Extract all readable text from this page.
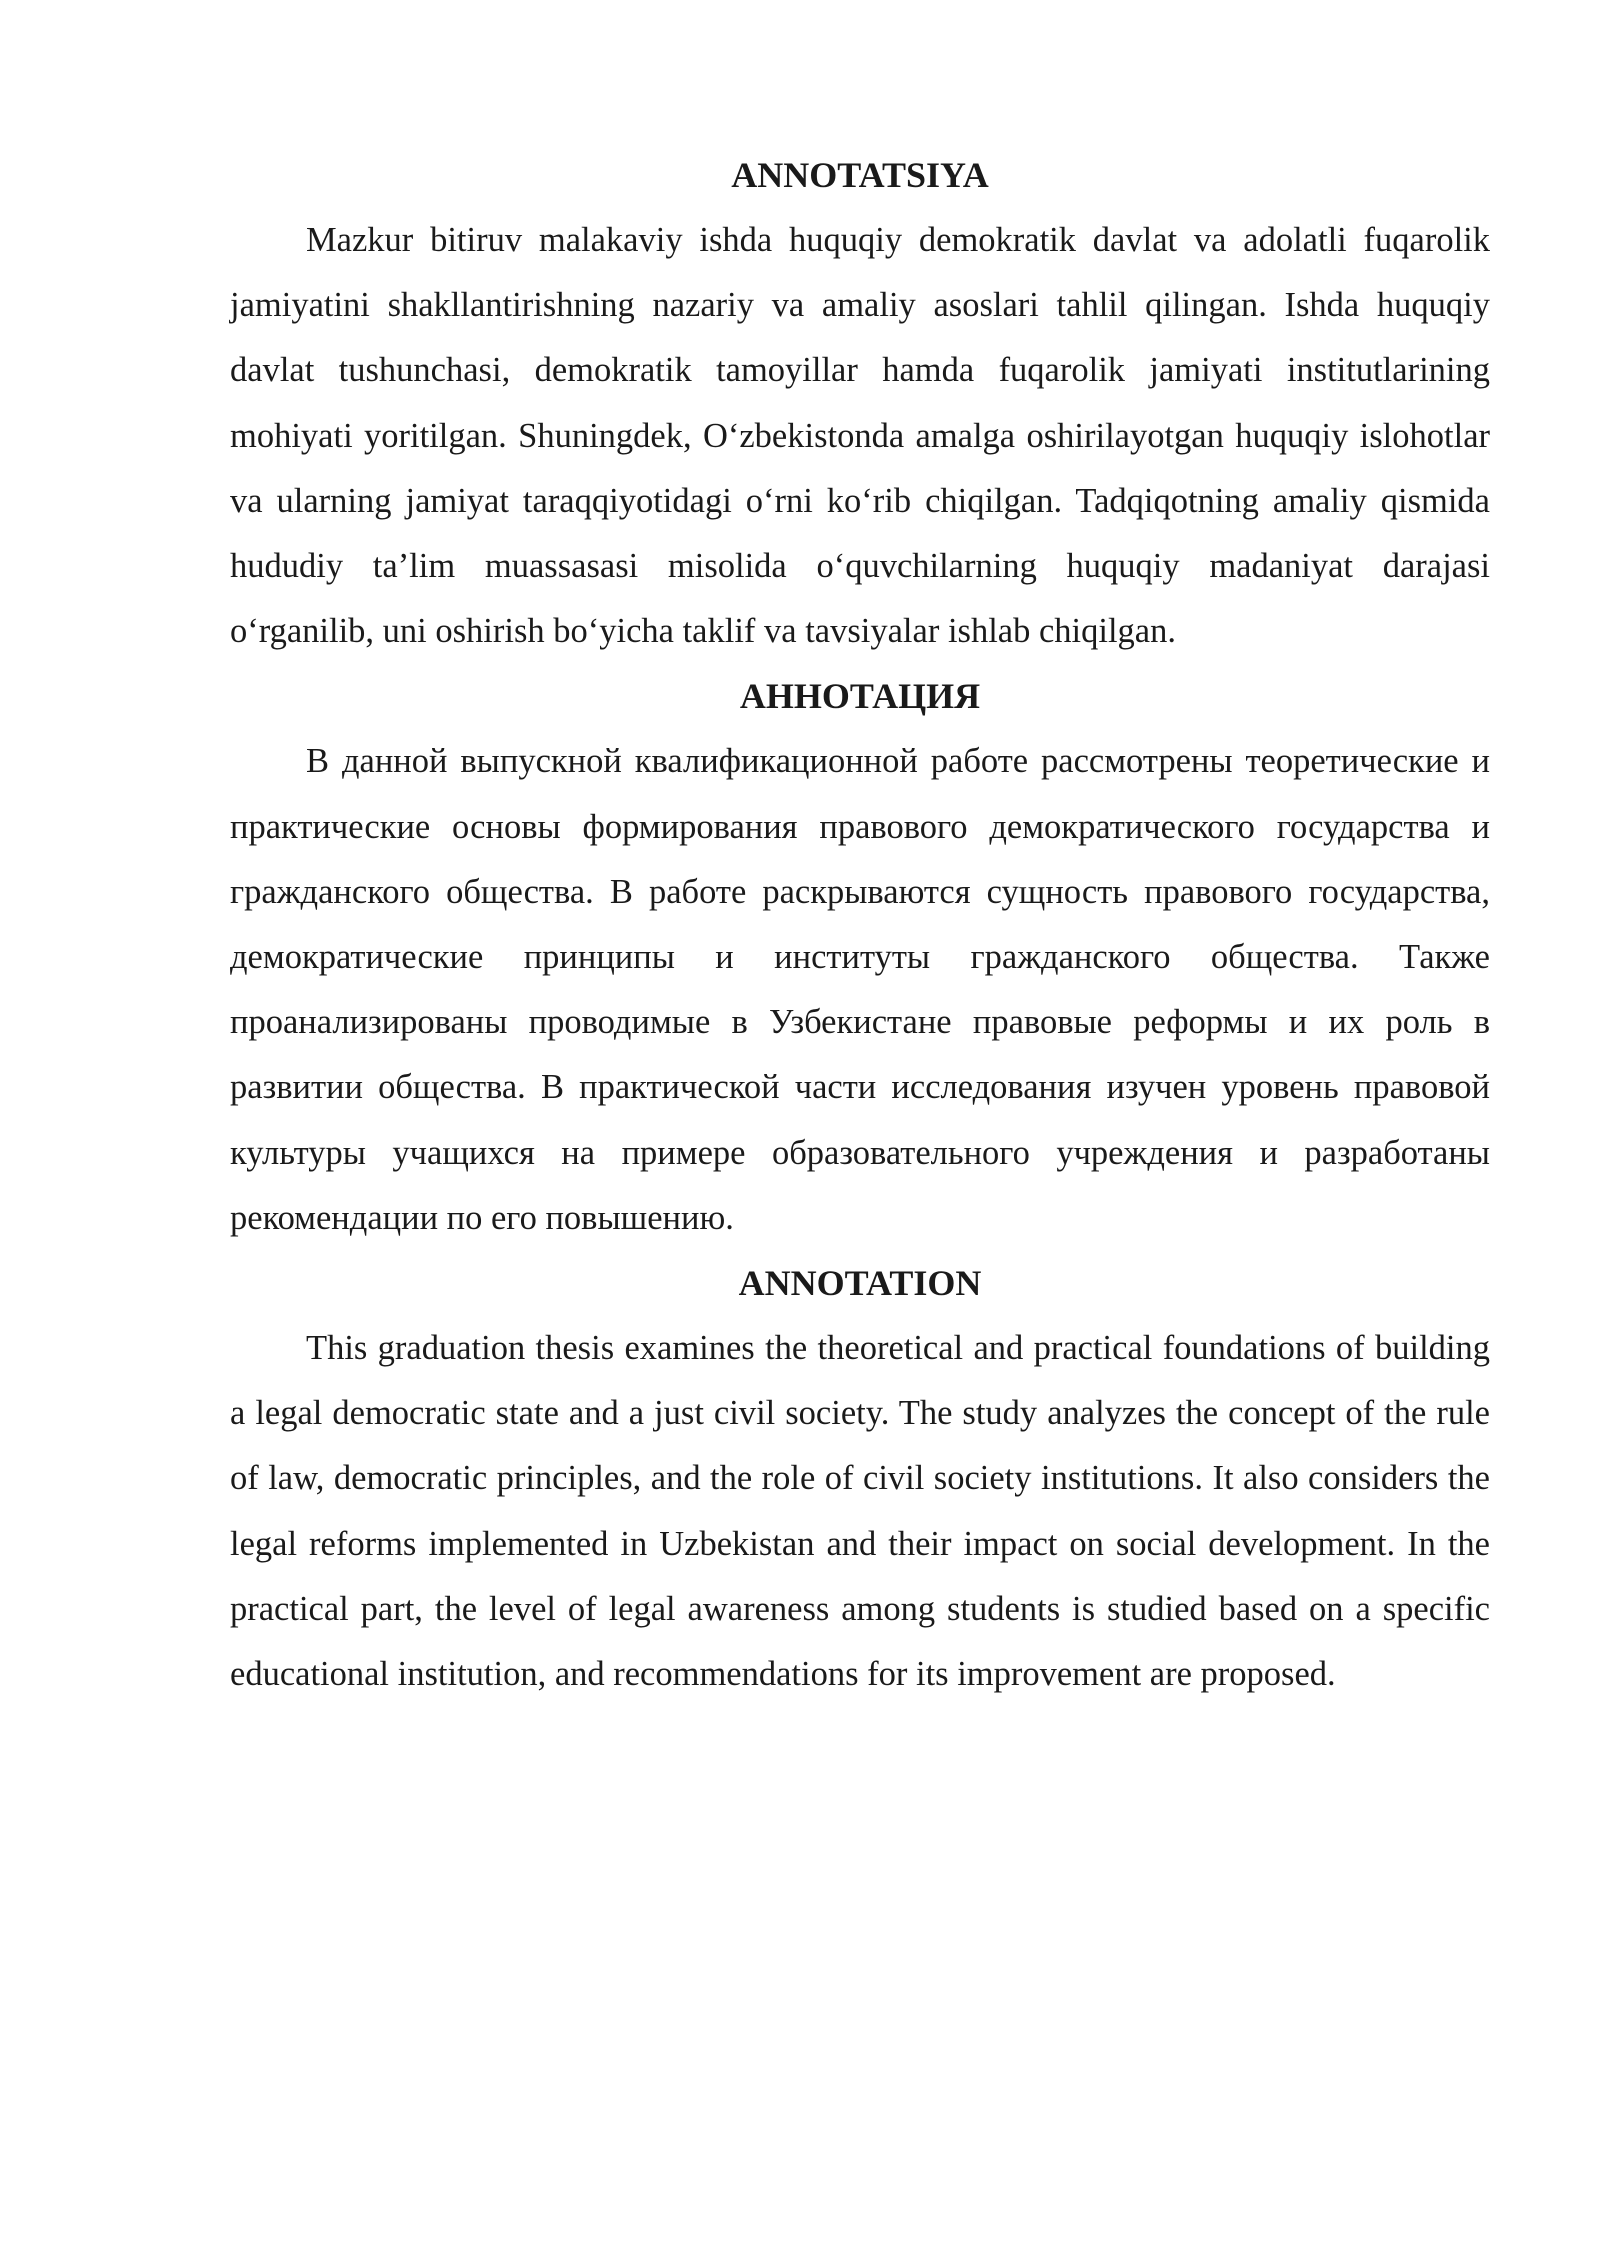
ANNOTATSIYA

Mazkur bitiruv malakaviy ishda huquqiy demokratik davlat va adolatli fuqarolik jamiyatini shakllantirishning nazariy va amaliy asoslari tahlil qilingan. Ishda huquqiy davlat tushunchasi, demokratik tamoyillar hamda fuqarolik jamiyati institutlarining mohiyati yoritilgan. Shuningdek, Oʻzbekistonda amalga oshirilayotgan huquqiy islohotlar va ularning jamiyat taraqqiyotidagi oʻrni koʻrib chiqilgan. Tadqiqotning amaliy qismida hududiy ta’lim muassasasi misolida oʻquvchilarning huquqiy madaniyat darajasi oʻrganilib, uni oshirish boʻyicha taklif va tavsiyalar ishlab chiqilgan.

АННОТАЦИЯ

В данной выпускной квалификационной работе рассмотрены теоретические и практические основы формирования правового демократического государства и гражданского общества. В работе раскрываются сущность правового государства, демократические принципы и институты гражданского общества. Также проанализированы проводимые в Узбекистане правовые реформы и их роль в развитии общества. В практической части исследования изучен уровень правовой культуры учащихся на примере образовательного учреждения и разработаны рекомендации по его повышению.

ANNOTATION

This graduation thesis examines the theoretical and practical foundations of building a legal democratic state and a just civil society. The study analyzes the concept of the rule of law, democratic principles, and the role of civil society institutions. It also considers the legal reforms implemented in Uzbekistan and their impact on social development. In the practical part, the level of legal awareness among students is studied based on a specific educational institution, and recommendations for its improvement are proposed.
